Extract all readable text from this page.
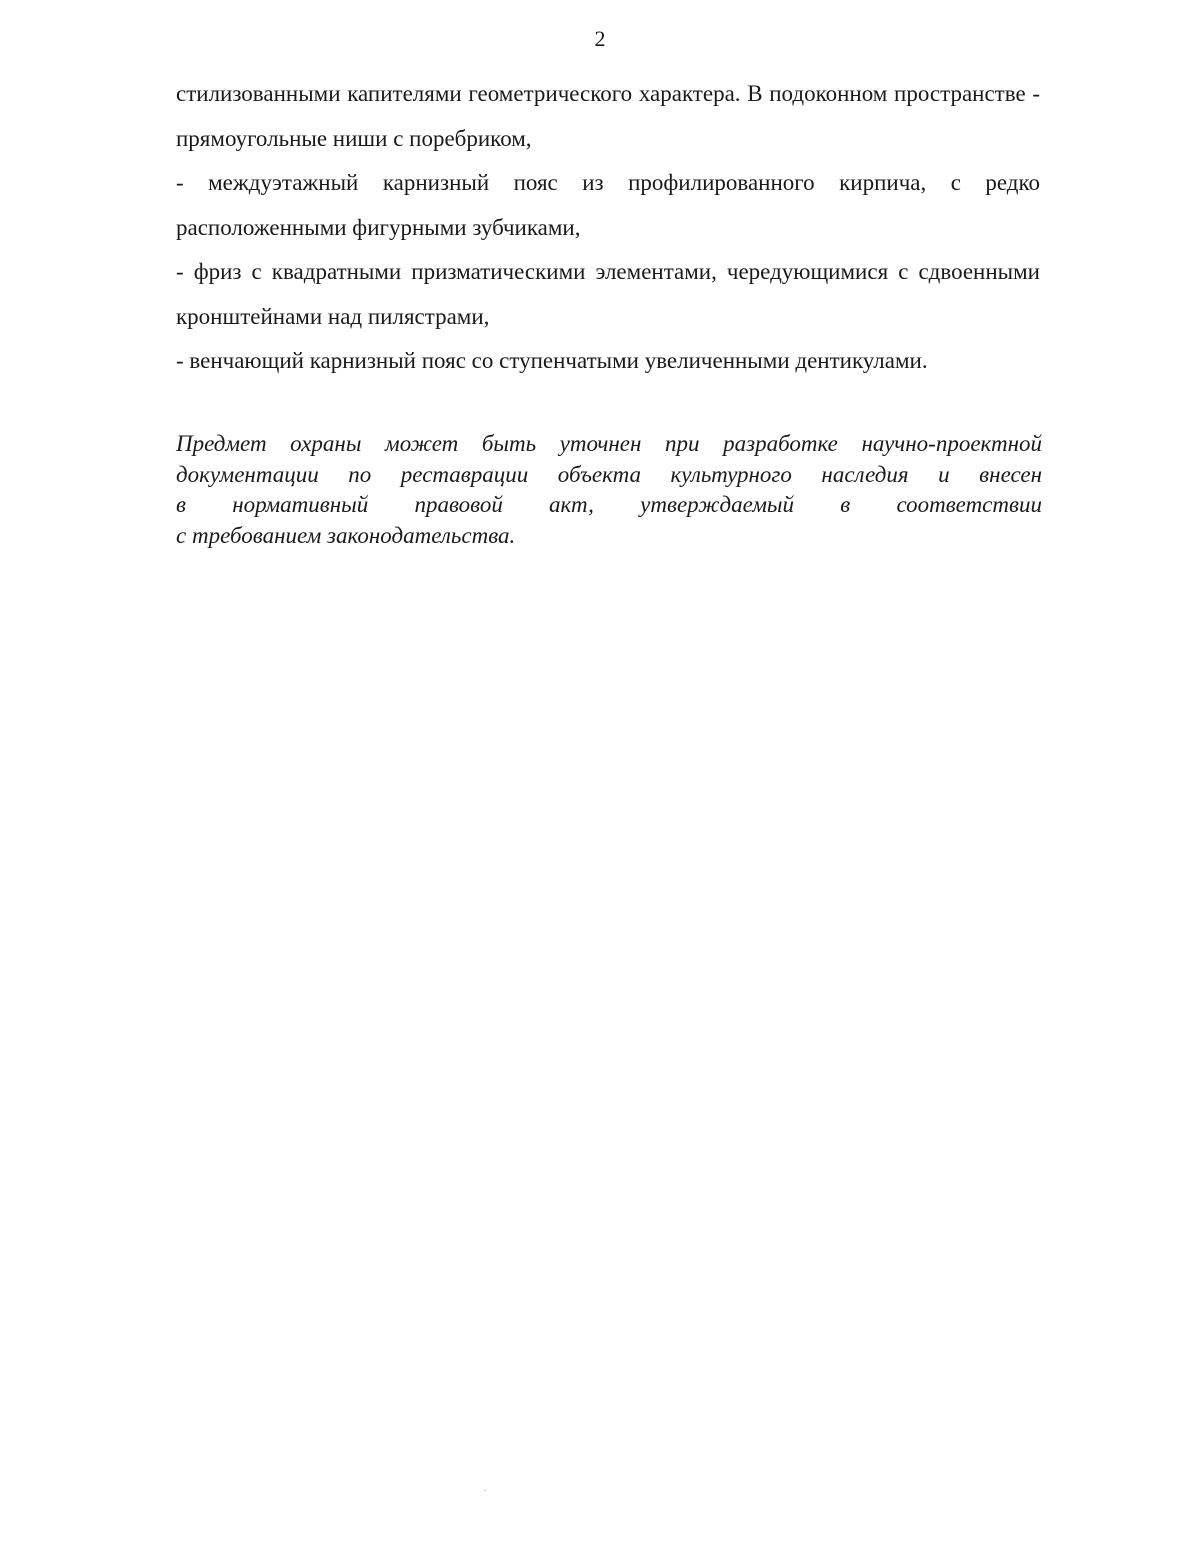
2

стилизованными капителями геометрического характера. В подоконном пространстве - прямоугольные ниши с поребриком,

- междуэтажный карнизный пояс из профилированного кирпича, с редко расположенными фигурными зубчиками,

- фриз с квадратными призматическими элементами, чередующимися с сдвоенными кронштейнами над пилястрами,

- венчающий карнизный пояс со ступенчатыми увеличенными дентикулами.

Предмет охраны может быть уточнен при разработке научно-проектной
документации по реставрации объекта культурного наследия и внесен
в нормативный правовой акт, утверждаемый в соответствии
с требованием законодательства.
